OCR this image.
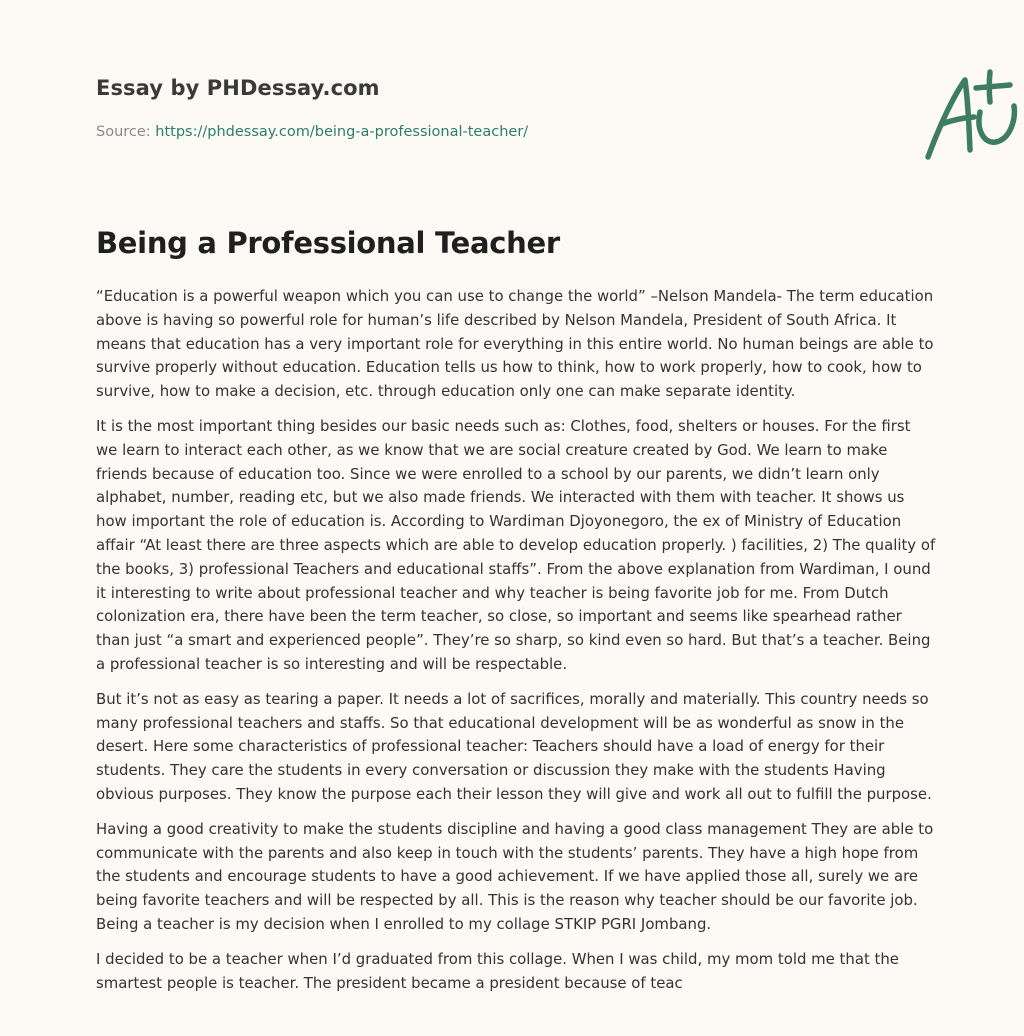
Essay by PHDessay.com
Source: https://phdessay.com/being-a-professional-teacher/
Being a Professional Teacher

“Education is a powerful weapon which you can use to change the world” –Nelson Mandela- The term education above is having so powerful role for human’s life described by Nelson Mandela, President of South Africa. It means that education has a very important role for everything in this entire world. No human beings are able to survive properly without education. Education tells us how to think, how to work properly, how to cook, how to survive, how to make a decision, etc. through education only one can make separate identity.

It is the most important thing besides our basic needs such as: Clothes, food, shelters or houses. For the first we learn to interact each other, as we know that we are social creature created by God. We learn to make friends because of education too. Since we were enrolled to a school by our parents, we didn’t learn only alphabet, number, reading etc, but we also made friends. We interacted with them with teacher. It shows us how important the role of education is. According to Wardiman Djoyonegoro, the ex of Ministry of Education affair “At least there are three aspects which are able to develop education properly. ) facilities, 2) The quality of the books, 3) professional Teachers and educational staffs”. From the above explanation from Wardiman, I ound it interesting to write about professional teacher and why teacher is being favorite job for me. From Dutch colonization era, there have been the term teacher, so close, so important and seems like spearhead rather than just “a smart and experienced people”. They’re so sharp, so kind even so hard. But that’s a teacher. Being a professional teacher is so interesting and will be respectable.

But it’s not as easy as tearing a paper. It needs a lot of sacrifices, morally and materially. This country needs so many professional teachers and staffs. So that educational development will be as wonderful as snow in the desert. Here some characteristics of professional teacher: Teachers should have a load of energy for their students. They care the students in every conversation or discussion they make with the students Having obvious purposes. They know the purpose each their lesson they will give and work all out to fulfill the purpose.

Having a good creativity to make the students discipline and having a good class management They are able to communicate with the parents and also keep in touch with the students’ parents. They have a high hope from the students and encourage students to have a good achievement. If we have applied those all, surely we are being favorite teachers and will be respected by all. This is the reason why teacher should be our favorite job. Being a teacher is my decision when I enrolled to my collage STKIP PGRI Jombang.

I decided to be a teacher when I’d graduated from this collage. When I was child, my mom told me that the smartest people is teacher. The president became a president because of teac
